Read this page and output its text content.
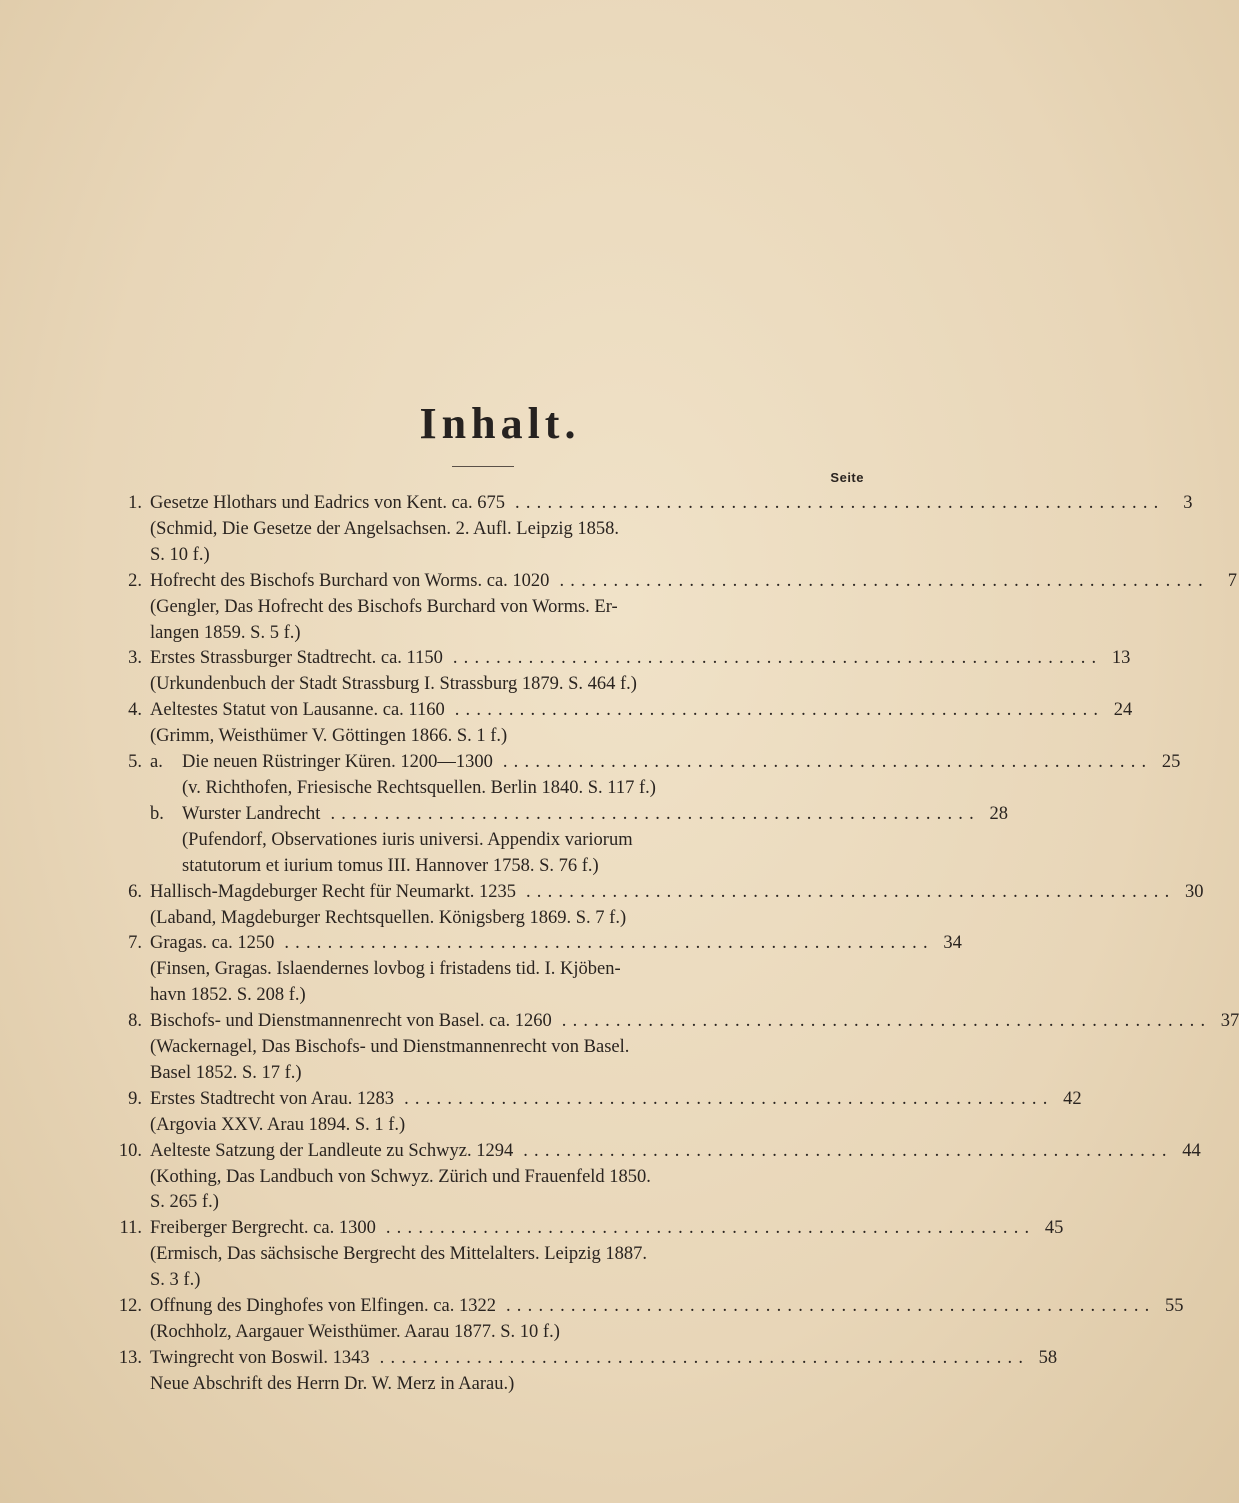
Inhalt.
Seite
1. Gesetze Hlothars und Eadrics von Kent. ca. 675 ............................................................	3
(Schmid, Die Gesetze der Angelsachsen. 2. Aufl. Leipzig 1858.
S. 10 f.)
2. Hofrecht des Bischofs Burchard von Worms. ca. 1020 ............................................................	7
(Gengler, Das Hofrecht des Bischofs Burchard von Worms. Er-
langen 1859. S. 5 f.)
3. Erstes Strassburger Stadtrecht. ca. 1150 ............................................................ 13
(Urkundenbuch der Stadt Strassburg I. Strassburg 1879. S. 464 f.)
4. Aeltestes Statut von Lausanne. ca. 1160 ............................................................ 24
(Grimm, Weisthümer V. Göttingen 1866. S. 1 f.)
5. a.	Die neuen Rüstringer Küren. 1200—1300 ............................................................ 25
(v. Richthofen, Friesische Rechtsquellen. Berlin 1840. S. 117 f.)
b. Wurster Landrecht ............................................................ 28
(Pufendorf, Observationes iuris universi. Appendix variorum
statutorum et iurium tomus III. Hannover 1758. S. 76 f.)
6. Hallisch-Magdeburger Recht für Neumarkt. 1235 ............................................................ 30
(Laband, Magdeburger Rechtsquellen. Königsberg 1869. S. 7 f.)
7. Gragas. ca. 1250 ............................................................ 34
(Finsen, Gragas. Islaendernes lovbog i fristadens tid. I. Kjöben-
havn 1852. S. 208 f.)
8. Bischofs- und Dienstmannenrecht von Basel. ca. 1260 ............................................................ 37
(Wackernagel, Das Bischofs- und Dienstmannenrecht von Basel.
Basel 1852. S. 17 f.)
9. Erstes Stadtrecht von Arau. 1283 ............................................................ 42
(Argovia XXV. Arau 1894. S. 1 f.)
10. Aelteste Satzung der Landleute zu Schwyz. 1294 ............................................................ 44
(Kothing, Das Landbuch von Schwyz. Zürich und Frauenfeld 1850.
S. 265 f.)
11. Freiberger Bergrecht. ca. 1300 ............................................................ 45
(Ermisch, Das sächsische Bergrecht des Mittelalters. Leipzig 1887.
S. 3 f.)
12. Offnung des Dinghofes von Elfingen. ca. 1322 ............................................................ 55
(Rochholz, Aargauer Weisthümer. Aarau 1877. S. 10 f.)
13. Twingrecht von Boswil. 1343 ............................................................ 58
Neue Abschrift des Herrn Dr. W. Merz in Aarau.)
